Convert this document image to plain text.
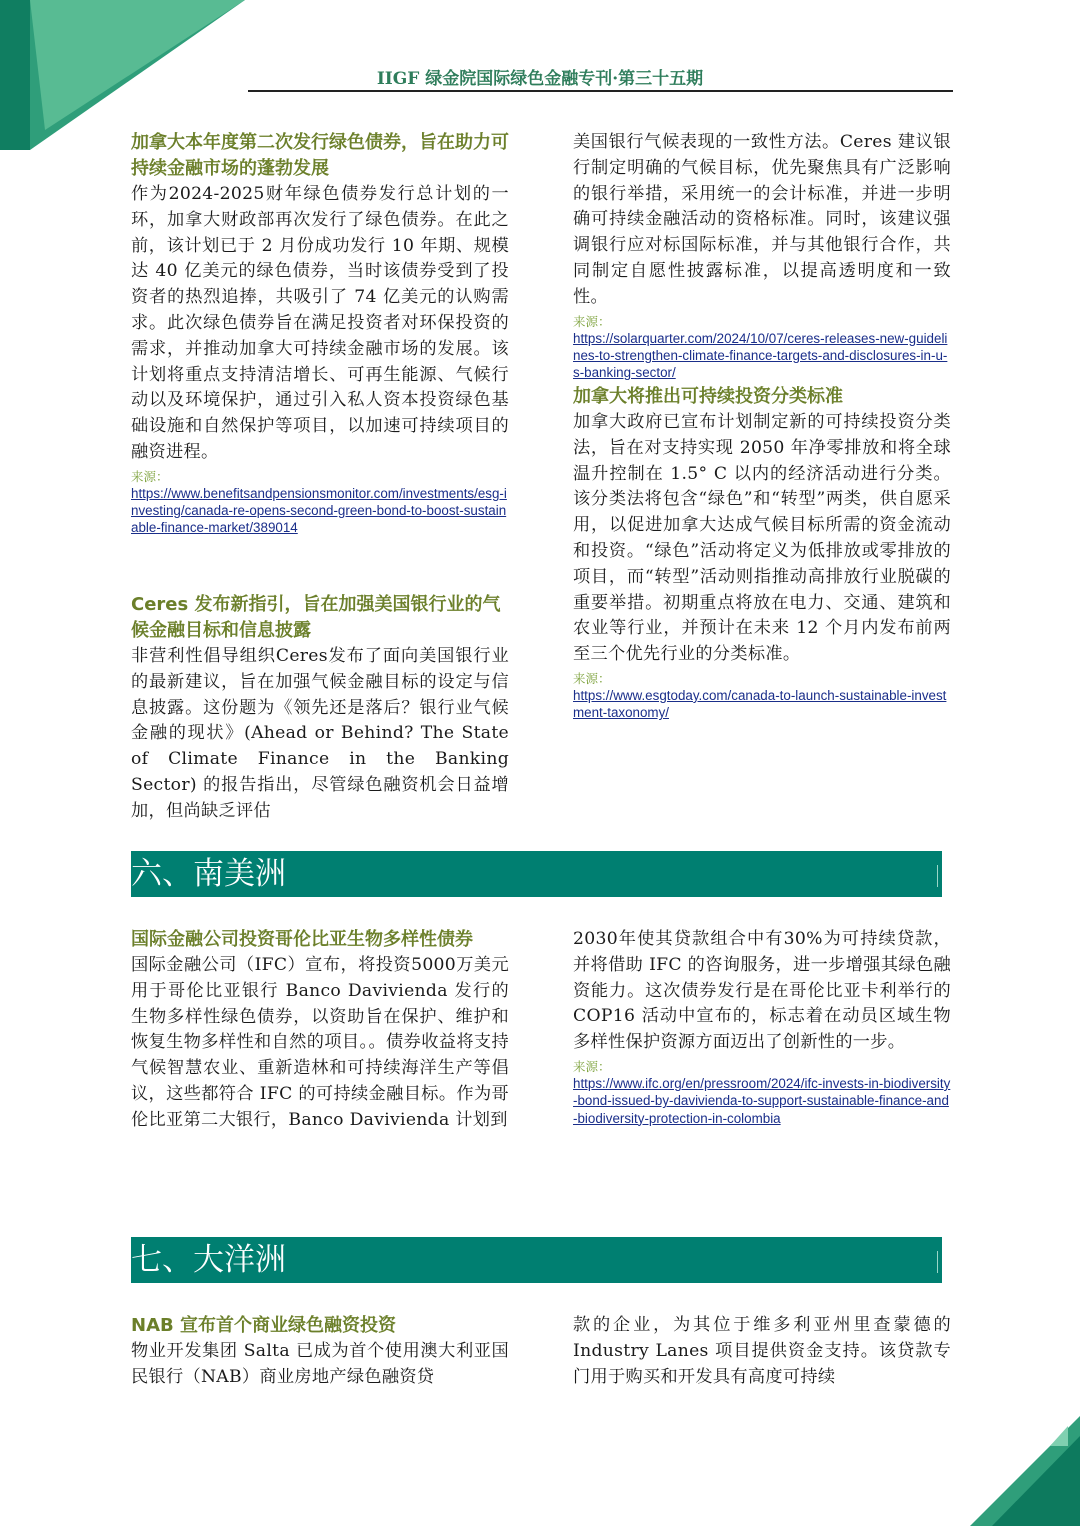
IIGF 绿金院国际绿色金融专刊·第三十五期

加拿大本年度第二次发行绿色债券，旨在助力可持续金融市场的蓬勃发展

作为2024-2025财年绿色债券发行总计划的一环，加拿大财政部再次发行了绿色债券。在此之前，该计划已于 2 月份成功发行 10 年期、规模达 40 亿美元的绿色债券，当时该债券受到了投资者的热烈追捧，共吸引了 74 亿美元的认购需求。此次绿色债券旨在满足投资者对环保投资的需求，并推动加拿大可持续金融市场的发展。该计划将重点支持清洁增长、可再生能源、气候行动以及环境保护，通过引入私人资本投资绿色基础设施和自然保护等项目，以加速可持续项目的融资进程。

来源：

https://www.benefitsandpensionsmonitor.com/investments/esg-investing/canada-re-opens-second-green-bond-to-boost-sustainable-finance-market/389014

Ceres 发布新指引，旨在加强美国银行业的气候金融目标和信息披露

非营利性倡导组织Ceres发布了面向美国银行业的最新建议，旨在加强气候金融目标的设定与信息披露。这份题为《领先还是落后？银行业气候金融的现状》(Ahead or Behind? The State of Climate Finance in the Banking Sector) 的报告指出，尽管绿色融资机会日益增加，但尚缺乏评估

美国银行气候表现的一致性方法。Ceres 建议银行制定明确的气候目标，优先聚焦具有广泛影响的银行举措，采用统一的会计标准，并进一步明确可持续金融活动的资格标准。同时，该建议强调银行应对标国际标准，并与其他银行合作，共同制定自愿性披露标准，以提高透明度和一致性。

来源：

https://solarquarter.com/2024/10/07/ceres-releases-new-guidelines-to-strengthen-climate-finance-targets-and-disclosures-in-u-s-banking-sector/

加拿大将推出可持续投资分类标准

加拿大政府已宣布计划制定新的可持续投资分类法，旨在对支持实现 2050 年净零排放和将全球温升控制在 1.5° C 以内的经济活动进行分类。该分类法将包含“绿色”和“转型”两类，供自愿采用，以促进加拿大达成气候目标所需的资金流动和投资。“绿色”活动将定义为低排放或零排放的项目，而“转型”活动则指推动高排放行业脱碳的重要举措。初期重点将放在电力、交通、建筑和农业等行业，并预计在未来 12 个月内发布前两至三个优先行业的分类标准。

来源：

https://www.esgtoday.com/canada-to-launch-sustainable-investment-taxonomy/

六、南美洲

国际金融公司投资哥伦比亚生物多样性债券

国际金融公司（IFC）宣布，将投资5000万美元用于哥伦比亚银行 Banco Davivienda 发行的生物多样性绿色债券，以资助旨在保护、维护和恢复生物多样性和自然的项目。。债券收益将支持气候智慧农业、重新造林和可持续海洋生产等倡议，这些都符合 IFC 的可持续金融目标。作为哥伦比亚第二大银行，Banco Davivienda 计划到

2030年使其贷款组合中有30%为可持续贷款，并将借助 IFC 的咨询服务，进一步增强其绿色融资能力。这次债券发行是在哥伦比亚卡利举行的 COP16 活动中宣布的，标志着在动员区域生物多样性保护资源方面迈出了创新性的一步。

来源：

https://www.ifc.org/en/pressroom/2024/ifc-invests-in-biodiversity-bond-issued-by-davivienda-to-support-sustainable-finance-and-biodiversity-protection-in-colombia

七、大洋洲

NAB 宣布首个商业绿色融资投资

物业开发集团 Salta 已成为首个使用澳大利亚国民银行（NAB）商业房地产绿色融资贷

款的企业，为其位于维多利亚州里查蒙德的 Industry Lanes 项目提供资金支持。该贷款专门用于购买和开发具有高度可持续
